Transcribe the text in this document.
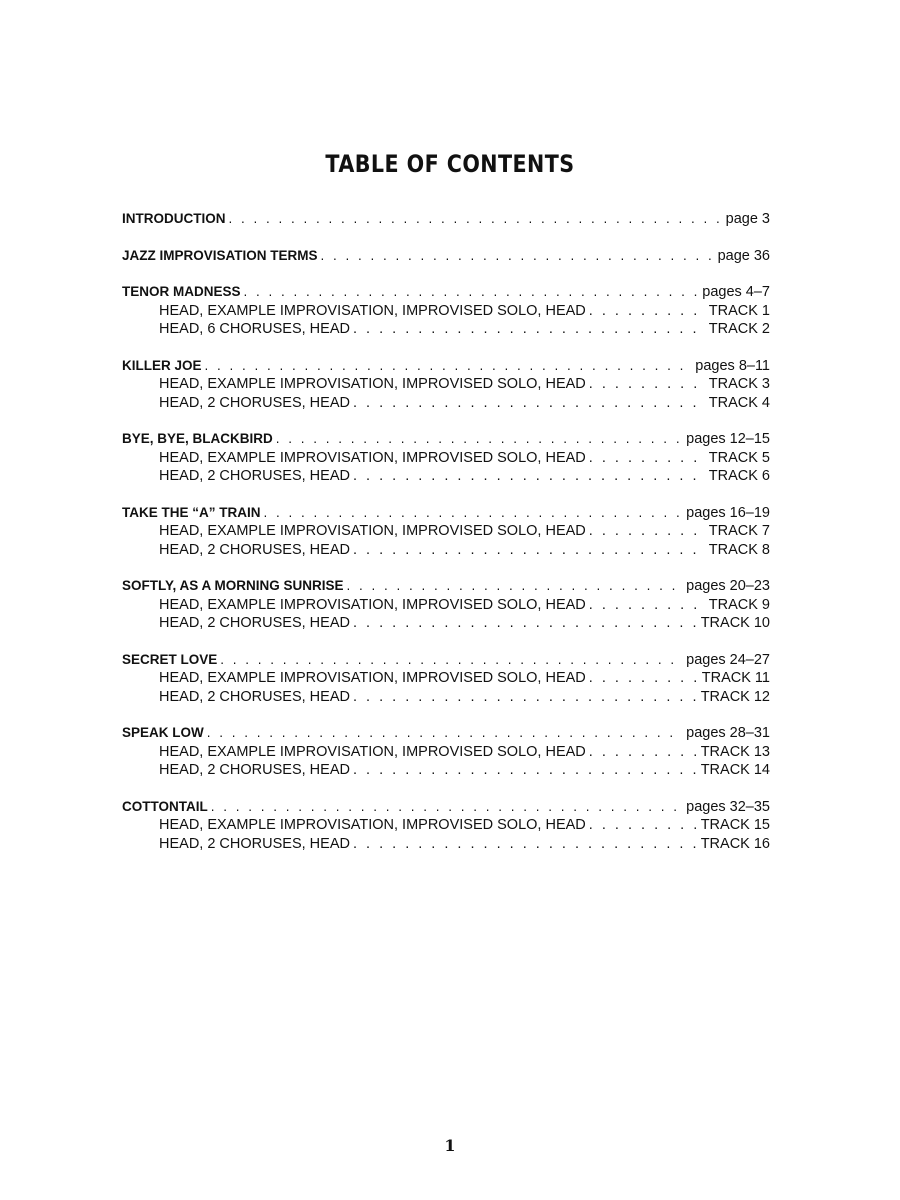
TABLE OF CONTENTS
INTRODUCTION . . .	page 3
JAZZ IMPROVISATION TERMS . . .	page 36
TENOR MADNESS . . .	pages 4–7
HEAD, EXAMPLE IMPROVISATION, IMPROVISED SOLO, HEAD . . .	TRACK 1
HEAD, 6 CHORUSES, HEAD . . .	TRACK 2
KILLER JOE . . .	pages 8–11
HEAD, EXAMPLE IMPROVISATION, IMPROVISED SOLO, HEAD . . .	TRACK 3
HEAD, 2 CHORUSES, HEAD . . .	TRACK 4
BYE, BYE, BLACKBIRD . . .	pages 12–15
HEAD, EXAMPLE IMPROVISATION, IMPROVISED SOLO, HEAD . . .	TRACK 5
HEAD, 2 CHORUSES, HEAD . . .	TRACK 6
TAKE THE “A” TRAIN . . .	pages 16–19
HEAD, EXAMPLE IMPROVISATION, IMPROVISED SOLO, HEAD . . .	TRACK 7
HEAD, 2 CHORUSES, HEAD . . .	TRACK 8
SOFTLY, AS A MORNING SUNRISE . . .	pages 20–23
HEAD, EXAMPLE IMPROVISATION, IMPROVISED SOLO, HEAD . . .	TRACK 9
HEAD, 2 CHORUSES, HEAD . . .	TRACK 10
SECRET LOVE . . .	pages 24–27
HEAD, EXAMPLE IMPROVISATION, IMPROVISED SOLO, HEAD . . .	TRACK 11
HEAD, 2 CHORUSES, HEAD . . .	TRACK 12
SPEAK LOW . . .	pages 28–31
HEAD, EXAMPLE IMPROVISATION, IMPROVISED SOLO, HEAD . . .	TRACK 13
HEAD, 2 CHORUSES, HEAD . . .	TRACK 14
COTTONTAIL . . .	pages 32–35
HEAD, EXAMPLE IMPROVISATION, IMPROVISED SOLO, HEAD . . .	TRACK 15
HEAD, 2 CHORUSES, HEAD . . .	TRACK 16
1
